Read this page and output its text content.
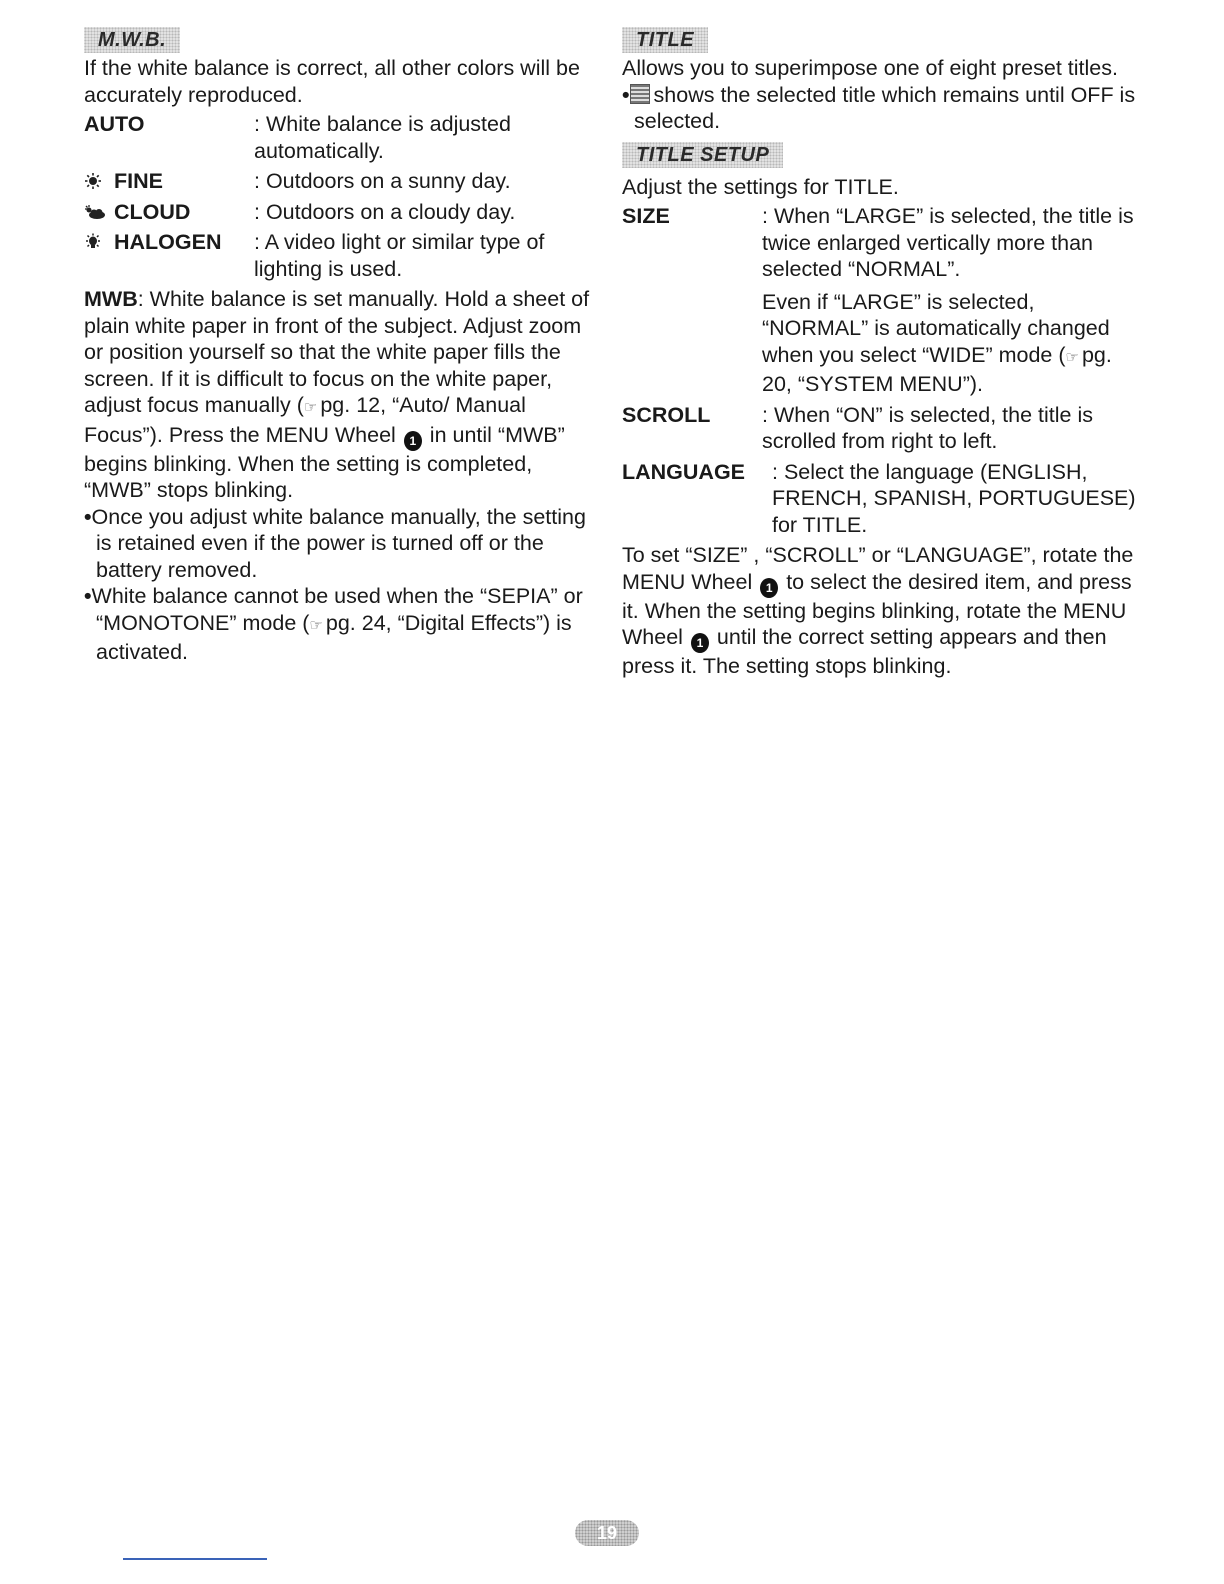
M.W.B.

If the white balance is correct, all other colors will be accurately reproduced.

AUTO	: White balance is adjusted automatically.
FINE	: Outdoors on a sunny day.
CLOUD	: Outdoors on a cloudy day.
HALOGEN	: A video light or similar type of lighting is used.

MWB: White balance is set manually. Hold a sheet of plain white paper in front of the subject. Adjust zoom or position yourself so that the white paper fills the screen. If it is difficult to focus on the white paper, adjust focus manually (☞ pg. 12, “Auto/ Manual Focus”). Press the MENU Wheel 1 in until “MWB” begins blinking. When the setting is completed, “MWB” stops blinking.

•Once you adjust white balance manually, the setting is retained even if the power is turned off or the battery removed.

•White balance cannot be used when the “SEPIA” or “MONOTONE” mode (☞ pg. 24, “Digital Effects”) is activated.

TITLE

Allows you to superimpose one of eight preset titles.

• shows the selected title which remains until OFF is selected.

TITLE SETUP

Adjust the settings for TITLE.

SIZE	: When “LARGE” is selected, the title is twice enlarged vertically more than selected “NORMAL”.
Even if “LARGE” is selected, “NORMAL” is automatically changed when you select “WIDE” mode (☞ pg. 20, “SYSTEM MENU”).
SCROLL	: When “ON” is selected, the title is scrolled from right to left.
LANGUAGE	: Select the language (ENGLISH, FRENCH, SPANISH, PORTUGUESE) for TITLE.

To set “SIZE” , “SCROLL” or “LANGUAGE”, rotate the MENU Wheel 1 to select the desired item, and press it. When the setting begins blinking, rotate the MENU Wheel 1 until the correct setting appears and then press it. The setting stops blinking.

19
